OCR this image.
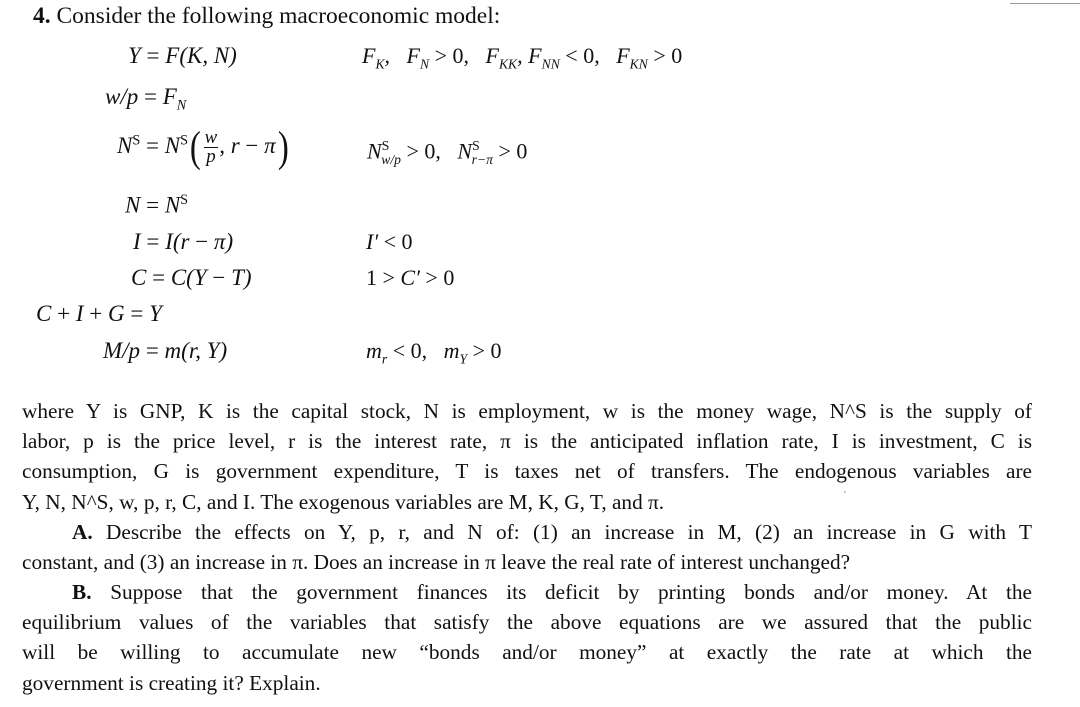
4. Consider the following macroeconomic model:
Y = F(K, N)	$F_K$,   $F_N > 0$,   $F_{KK}$, $F_{NN} < 0$,   $F_{KN} > 0$
$w/p = F_N$
$N^S = N^S( \frac{w}{p}$ , r − π)	$N^S_{w/p} > 0$,   $N^S_{r-\pi} > 0$
$N = N^S$
I = I(r − π)	I′ < 0
C = C(Y − T)	1 > C′ > 0
C + I + G = Y
M/p = m(r, Y)	$m_r < 0$,   $m_Y > 0$
where Y is GNP, K is the capital stock, N is employment, w is the money wage, N^S is the supply of
labor, p is the price level, r is the interest rate, π is the anticipated inflation rate, I is investment, C is
consumption, G is government expenditure, T is taxes net of transfers. The endogenous variables are
Y, N, N^S, w, p, r, C, and I. The exogenous variables are M, K, G, T, and π.	'
A. Describe the effects on Y, p, r, and N of: (1) an increase in M, (2) an increase in G with T
constant, and (3) an increase in π. Does an increase in π leave the real rate of interest unchanged?
B. Suppose that the government finances its deficit by printing bonds and/or money. At the
equilibrium values of the variables that satisfy the above equations are we assured that the public
will be willing to accumulate new “bonds and/or money” at exactly the rate at which the
government is creating it? Explain.
